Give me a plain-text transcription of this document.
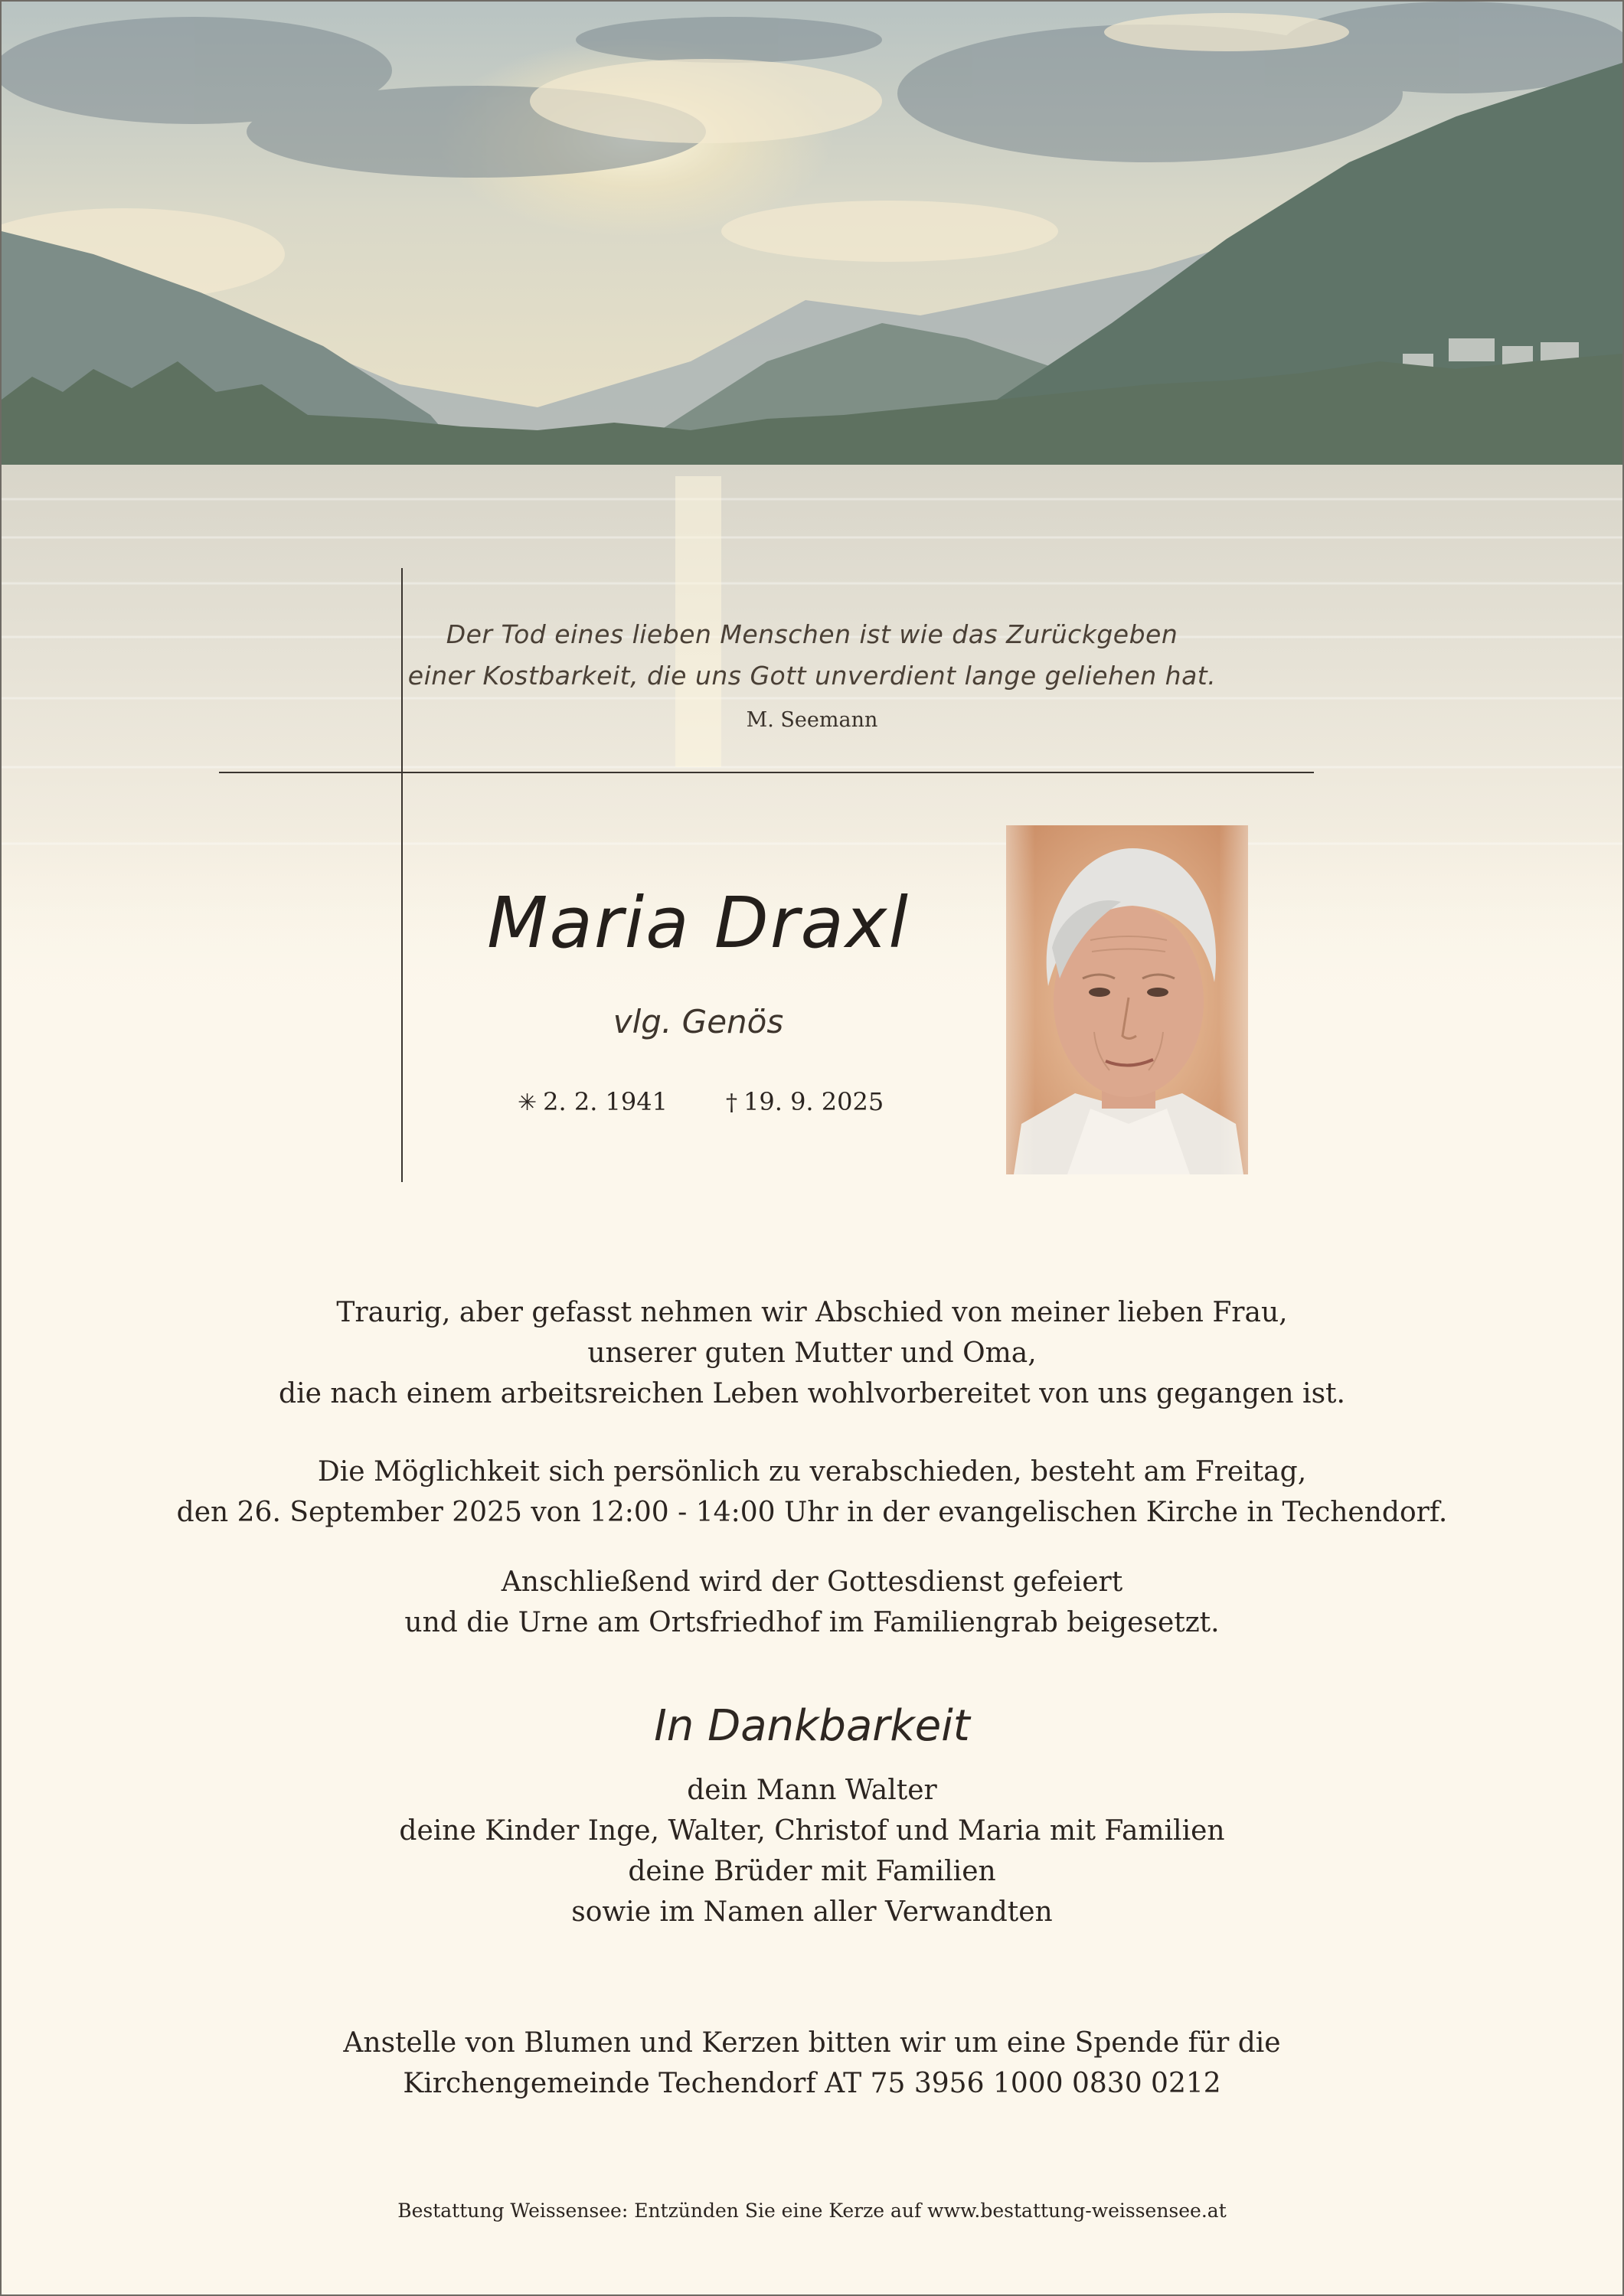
Der Tod eines lieben Menschen ist wie das Zurückgeben
einer Kostbarkeit, die uns Gott unverdient lange geliehen hat.
M. Seemann
Maria Draxl
vlg. Genös
✳ 2. 2. 1941	† 19. 9. 2025
Traurig, aber gefasst nehmen wir Abschied von meiner lieben Frau,
unserer guten Mutter und Oma,
die nach einem arbeitsreichen Leben wohlvorbereitet von uns gegangen ist.
Die Möglichkeit sich persönlich zu verabschieden, besteht am Freitag,
den 26. September 2025 von 12:00 - 14:00 Uhr in der evangelischen Kirche in Techendorf.
Anschließend wird der Gottesdienst gefeiert
und die Urne am Ortsfriedhof im Familiengrab beigesetzt.
In Dankbarkeit
dein Mann Walter
deine Kinder Inge, Walter, Christof und Maria mit Familien
deine Brüder mit Familien
sowie im Namen aller Verwandten
Anstelle von Blumen und Kerzen bitten wir um eine Spende für die
Kirchengemeinde Techendorf AT 75 3956 1000 0830 0212
Bestattung Weissensee: Entzünden Sie eine Kerze auf www.bestattung-weissensee.at
